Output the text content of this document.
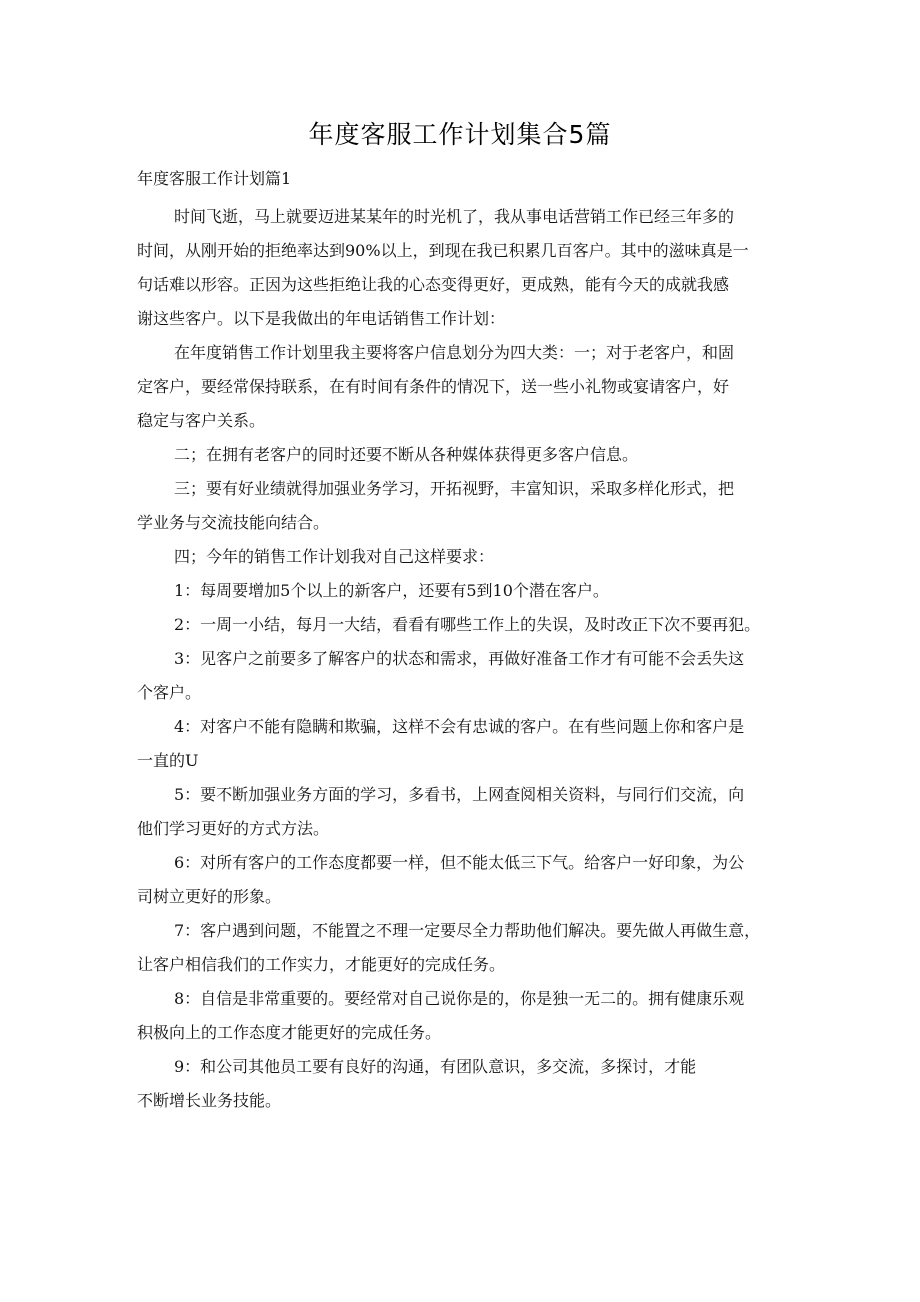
年度客服工作计划集合5篇

年度客服工作计划篇1

时间飞逝，马上就要迈进某某年的时光机了，我从事电话营销工作已经三年多的
时间，从刚开始的拒绝率达到90%以上，到现在我已积累几百客户。其中的滋味真是一
句话难以形容。正因为这些拒绝让我的心态变得更好，更成熟，能有今天的成就我感
谢这些客户。以下是我做出的年电话销售工作计划：
在年度销售工作计划里我主要将客户信息划分为四大类：一；对于老客户，和固
定客户，要经常保持联系，在有时间有条件的情况下，送一些小礼物或宴请客户，好
稳定与客户关系。
二；在拥有老客户的同时还要不断从各种媒体获得更多客户信息。
三；要有好业绩就得加强业务学习，开拓视野，丰富知识，采取多样化形式，把
学业务与交流技能向结合。
四；今年的销售工作计划我对自己这样要求：
1：每周要增加5个以上的新客户，还要有5到10个潜在客户。
2：一周一小结，每月一大结，看看有哪些工作上的失误，及时改正下次不要再犯。
3：见客户之前要多了解客户的状态和需求，再做好准备工作才有可能不会丢失这
个客户。
4：对客户不能有隐瞒和欺骗，这样不会有忠诚的客户。在有些问题上你和客户是
一直的U
5：要不断加强业务方面的学习，多看书，上网查阅相关资料，与同行们交流，向
他们学习更好的方式方法。
6：对所有客户的工作态度都要一样，但不能太低三下气。给客户一好印象，为公
司树立更好的形象。
7：客户遇到问题，不能置之不理一定要尽全力帮助他们解决。要先做人再做生意，
让客户相信我们的工作实力，才能更好的完成任务。
8：自信是非常重要的。要经常对自己说你是的，你是独一无二的。拥有健康乐观
积极向上的工作态度才能更好的完成任务。
9：和公司其他员工要有良好的沟通，有团队意识，多交流，多探讨，才能
不断增长业务技能。
